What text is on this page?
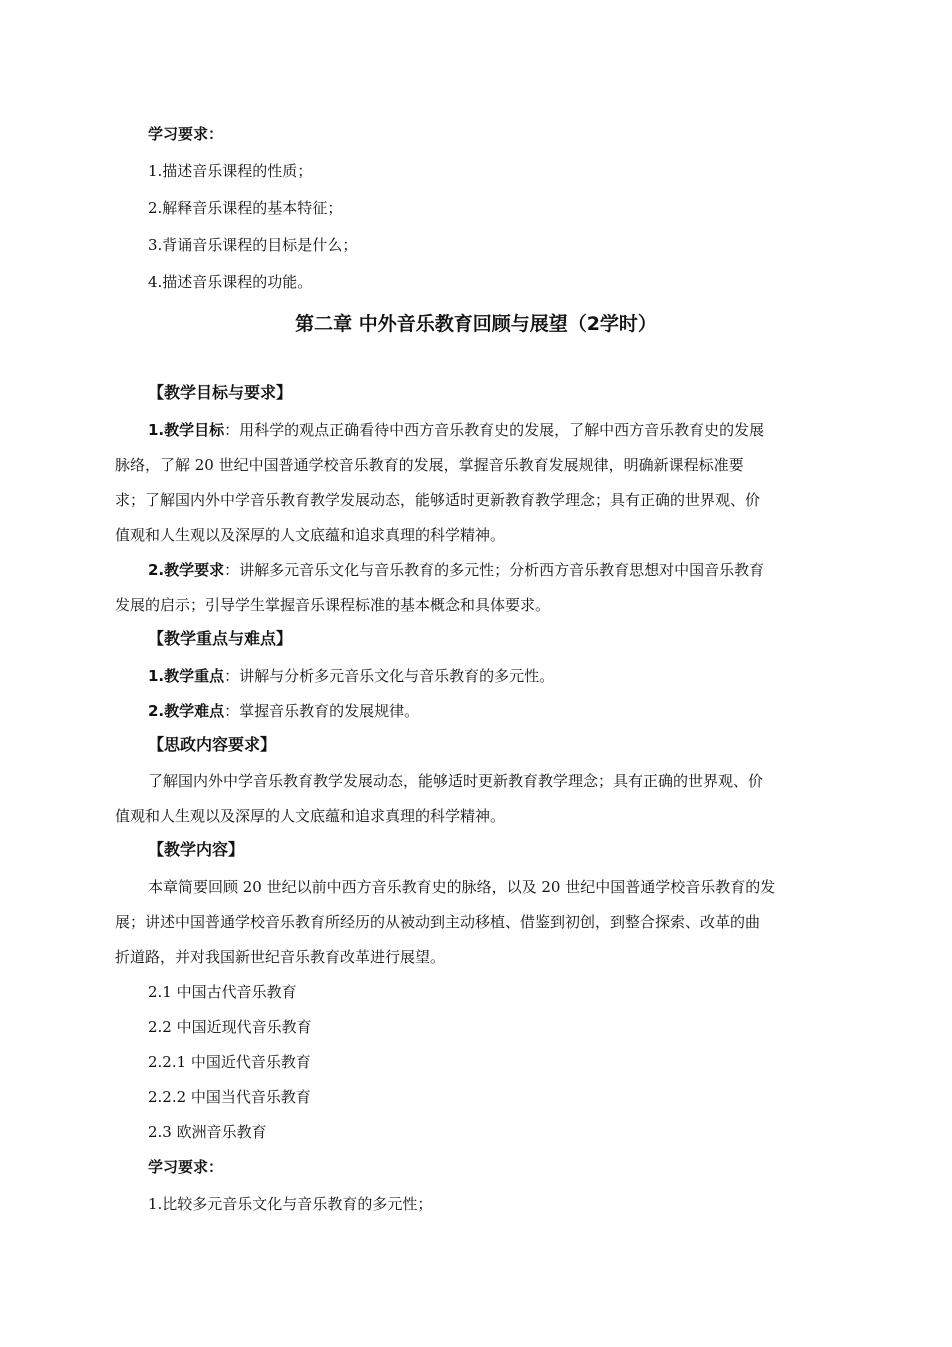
学习要求：

1.描述音乐课程的性质；

2.解释音乐课程的基本特征；

3.背诵音乐课程的目标是什么；

4.描述音乐课程的功能。

第二章 中外音乐教育回顾与展望（2学时）

【教学目标与要求】

1.教学目标：用科学的观点正确看待中西方音乐教育史的发展，了解中西方音乐教育史的发展

脉络，了解 20 世纪中国普通学校音乐教育的发展，掌握音乐教育发展规律，明确新课程标准要

求；了解国内外中学音乐教育教学发展动态，能够适时更新教育教学理念；具有正确的世界观、价

值观和人生观以及深厚的人文底蕴和追求真理的科学精神。

2.教学要求：讲解多元音乐文化与音乐教育的多元性；分析西方音乐教育思想对中国音乐教育

发展的启示；引导学生掌握音乐课程标准的基本概念和具体要求。

【教学重点与难点】

1.教学重点：讲解与分析多元音乐文化与音乐教育的多元性。

2.教学难点：掌握音乐教育的发展规律。

【思政内容要求】

了解国内外中学音乐教育教学发展动态，能够适时更新教育教学理念；具有正确的世界观、价

值观和人生观以及深厚的人文底蕴和追求真理的科学精神。

【教学内容】

本章简要回顾 20 世纪以前中西方音乐教育史的脉络，以及 20 世纪中国普通学校音乐教育的发

展；讲述中国普通学校音乐教育所经历的从被动到主动移植、借鉴到初创，到整合探索、改革的曲

折道路，并对我国新世纪音乐教育改革进行展望。

2.1 中国古代音乐教育

2.2 中国近现代音乐教育

2.2.1 中国近代音乐教育

2.2.2 中国当代音乐教育

2.3 欧洲音乐教育

学习要求：

1.比较多元音乐文化与音乐教育的多元性；
